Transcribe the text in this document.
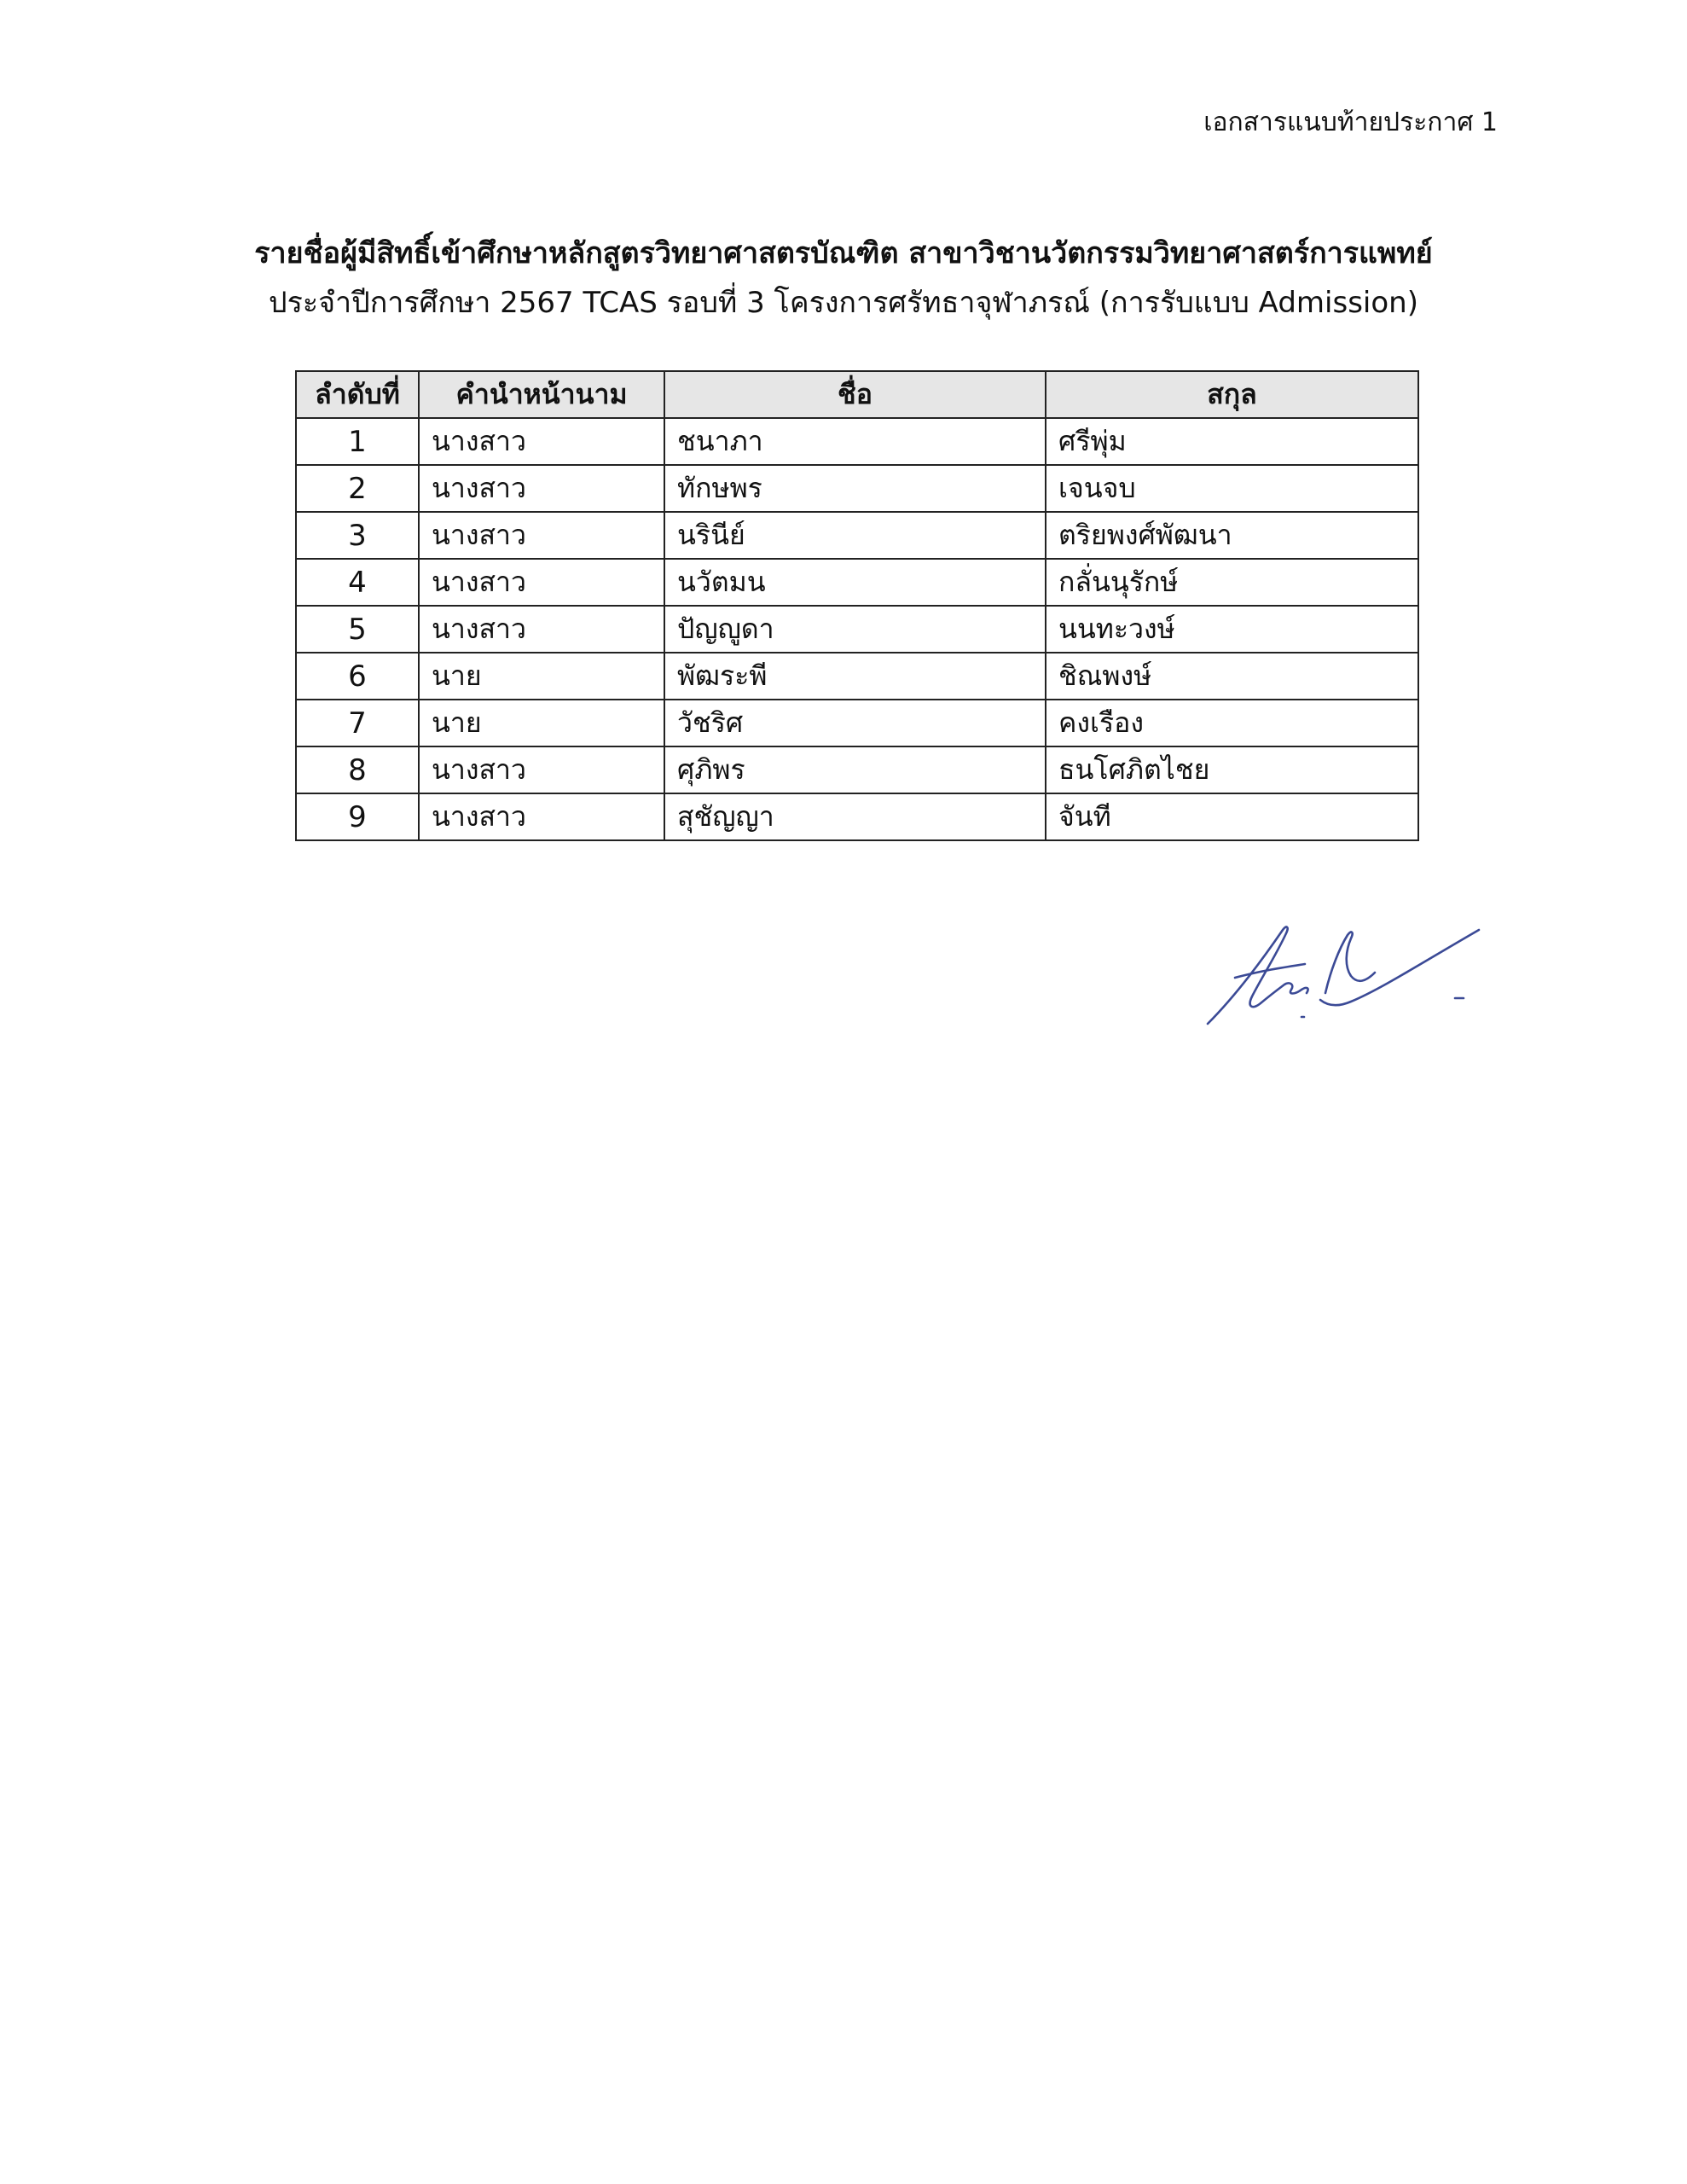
เอกสารแนบท้ายประกาศ 1
รายชื่อผู้มีสิทธิ์เข้าศึกษาหลักสูตรวิทยาศาสตรบัณฑิต สาขาวิชานวัตกรรมวิทยาศาสตร์การแพทย์
ประจำปีการศึกษา 2567 TCAS รอบที่ 3 โครงการศรัทธาจุฬาภรณ์ (การรับแบบ Admission)
ลำดับที่	คำนำหน้านาม	ชื่อ	สกุล
1	นางสาว	ชนาภา	ศรีพุ่ม
2	นางสาว	ทักษพร	เจนจบ
3	นางสาว	นรินีย์	ตริยพงศ์พัฒนา
4	นางสาว	นวัตมน	กลั่นนุรักษ์
5	นางสาว	ปัญญูดา	นนทะวงษ์
6	นาย	พัฒระพี	ชิณพงษ์
7	นาย	วัชริศ	คงเรือง
8	นางสาว	ศุภิพร	ธนโศภิตไชย
9	นางสาว	สุชัญญา	จันที
